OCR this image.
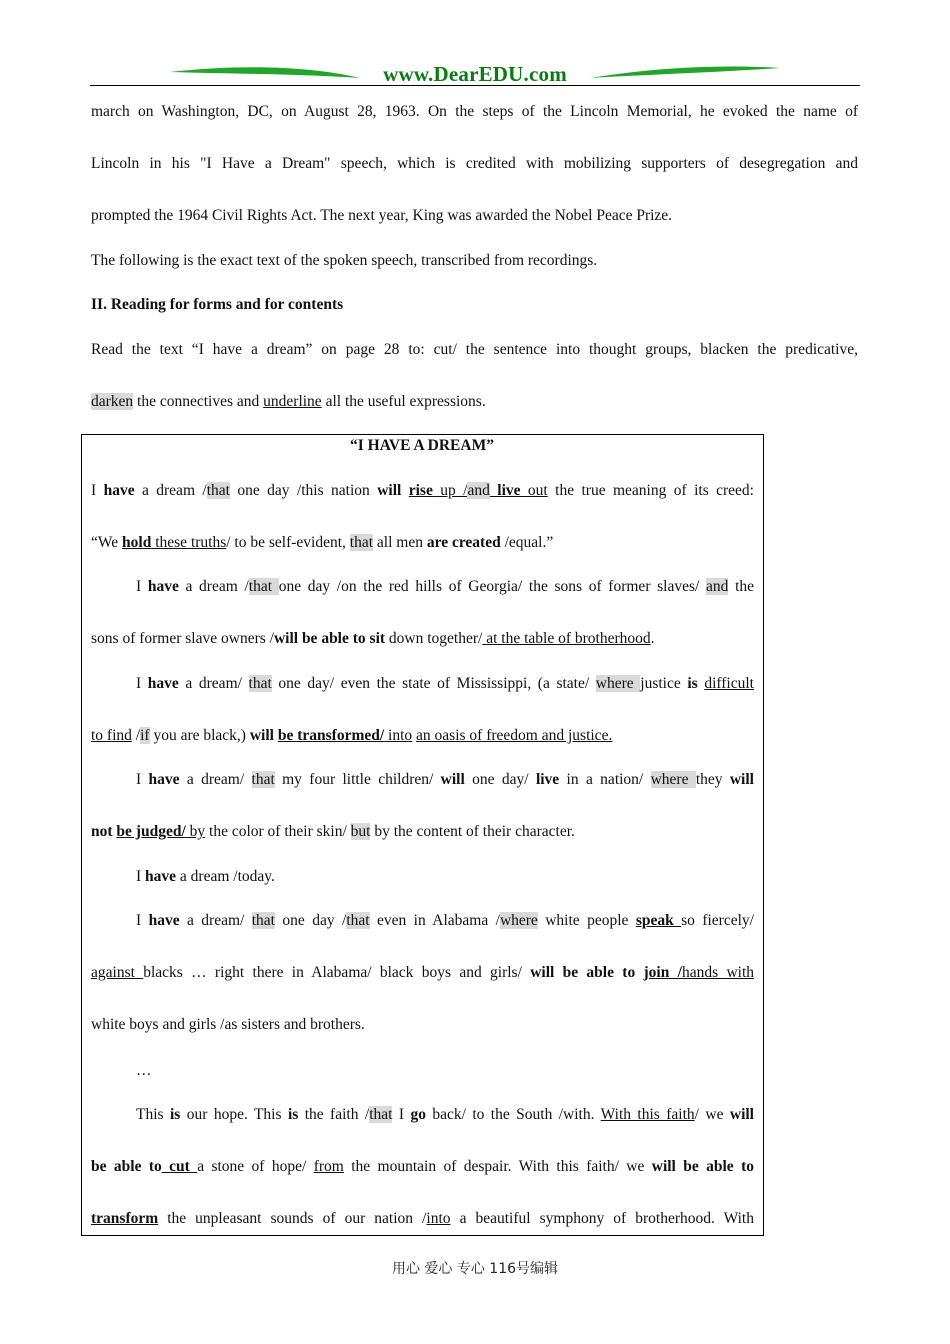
www.DearEDU.com

march on Washington, DC, on August 28, 1963. On the steps of the Lincoln Memorial, he evoked the name of

Lincoln in his "I Have a Dream" speech, which is credited with mobilizing supporters of desegregation and

prompted the 1964 Civil Rights Act. The next year, King was awarded the Nobel Peace Prize.

The following is the exact text of the spoken speech, transcribed from recordings.

II. Reading for forms and for contents

Read the text “I have a dream” on page 28 to: cut/ the sentence into thought groups, blacken the predicative,

darken the connectives and underline all the useful expressions.

“I HAVE A DREAM”
I have a dream /that one day /this nation will rise up /and live out the true meaning of its creed:
“We hold these truths/ to be self-evident, that all men are created /equal.”
I have a dream /that one day /on the red hills of Georgia/ the sons of former slaves/ and the
sons of former slave owners /will be able to sit down together/ at the table of brotherhood.
I have a dream/ that one day/ even the state of Mississippi, (a state/ where justice is difficult
to find /if you are black,) will be transformed/ into an oasis of freedom and justice.
I have a dream/ that my four little children/ will one day/ live in a nation/ where they will
not be judged/ by the color of their skin/ but by the content of their character.
I have a dream /today.
I have a dream/ that one day /that even in Alabama /where white people speak so fiercely/
against blacks … right there in Alabama/ black boys and girls/ will be able to join /hands with
white boys and girls /as sisters and brothers.
…
This is our hope. This is the faith /that I go back/ to the South /with. With this faith/ we will
be able to cut a stone of hope/ from the mountain of despair. With this faith/ we will be able to
transform the unpleasant sounds of our nation /into a beautiful symphony of brotherhood. With
用心 爱心 专心 116号编辑
